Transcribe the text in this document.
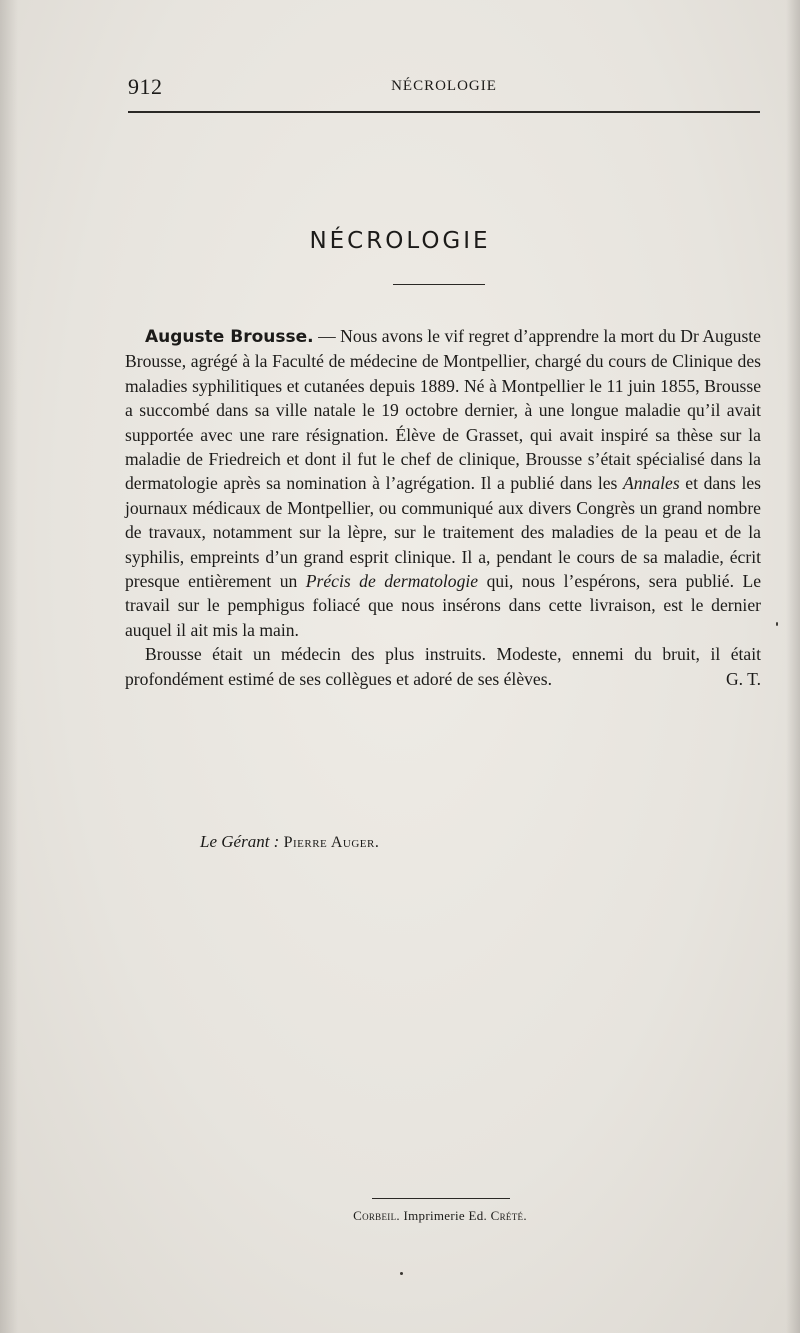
912	NÉCROLOGIE
NÉCROLOGIE

Auguste Brousse. — Nous avons le vif regret d’apprendre la mort du Dr Auguste Brousse, agrégé à la Faculté de médecine de Montpellier, chargé du cours de Clinique des maladies syphilitiques et cutanées depuis 1889. Né à Montpellier le 11 juin 1855, Brousse a succombé dans sa ville natale le 19 octobre dernier, à une longue maladie qu’il avait supportée avec une rare résignation. Élève de Grasset, qui avait inspiré sa thèse sur la maladie de Friedreich et dont il fut le chef de clinique, Brousse s’était spécialisé dans la dermatologie après sa nomination à l’agrégation. Il a publié dans les Annales et dans les journaux médicaux de Montpellier, ou communiqué aux divers Congrès un grand nombre de travaux, notamment sur la lèpre, sur le traitement des maladies de la peau et de la syphilis, empreints d’un grand esprit clinique. Il a, pendant le cours de sa maladie, écrit presque entièrement un Précis de dermatologie qui, nous l’espérons, sera publié. Le travail sur le pemphigus foliacé que nous insérons dans cette livraison, est le dernier auquel il ait mis la main.

Brousse était un médecin des plus instruits. Modeste, ennemi du bruit, il était profondément estimé de ses collègues et adoré de ses élèves.	G. T.

Le Gérant : Pierre Auger.
Corbeil. Imprimerie Ed. Crété.
